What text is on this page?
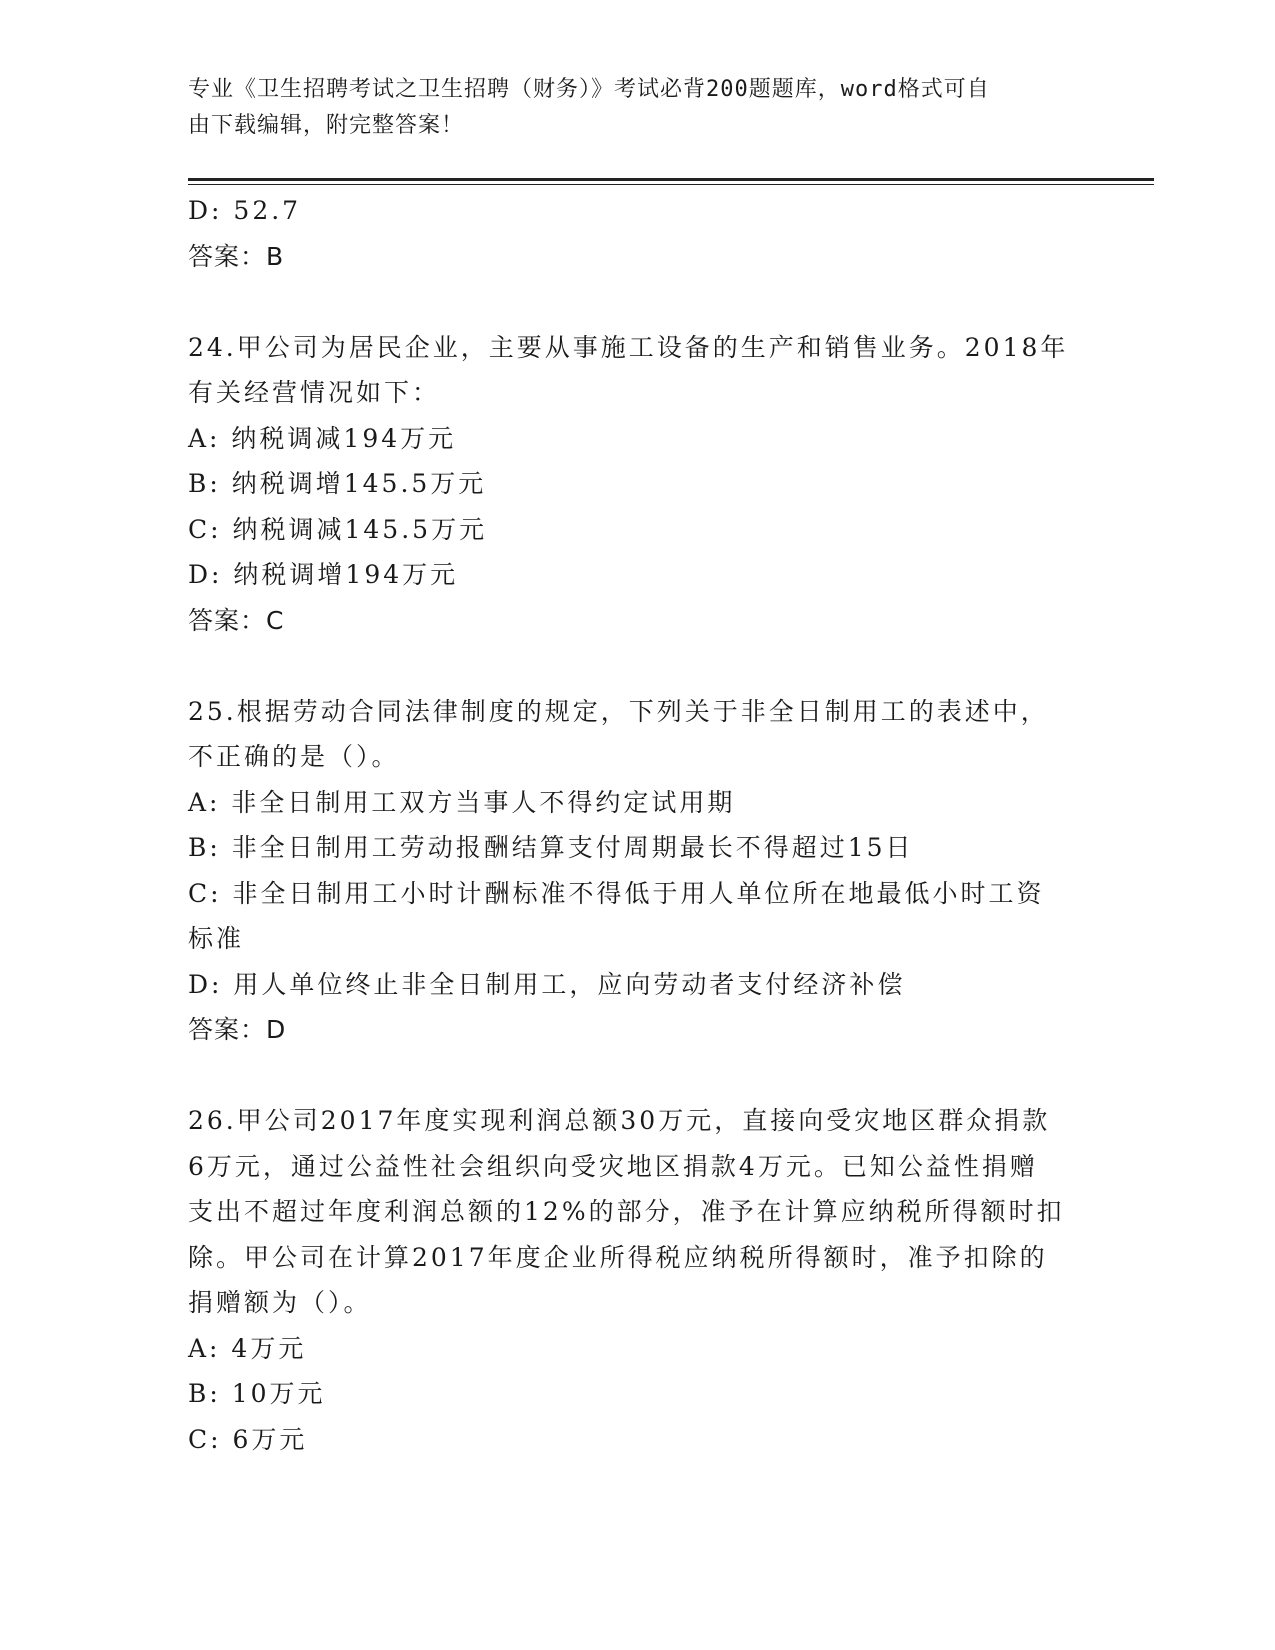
专业《卫生招聘考试之卫生招聘（财务）》考试必背200题题库，word格式可自
由下载编辑，附完整答案！
D: 52.7
答案：B
24.甲公司为居民企业，主要从事施工设备的生产和销售业务。2018年
有关经营情况如下：
A: 纳税调减194万元
B: 纳税调增145.5万元
C: 纳税调减145.5万元
D: 纳税调增194万元
答案：C
25.根据劳动合同法律制度的规定，下列关于非全日制用工的表述中，
不正确的是（）。
A: 非全日制用工双方当事人不得约定试用期
B: 非全日制用工劳动报酬结算支付周期最长不得超过15日
C: 非全日制用工小时计酬标准不得低于用人单位所在地最低小时工资
标准
D: 用人单位终止非全日制用工，应向劳动者支付经济补偿
答案：D
26.甲公司2017年度实现利润总额30万元，直接向受灾地区群众捐款
6万元，通过公益性社会组织向受灾地区捐款4万元。已知公益性捐赠
支出不超过年度利润总额的12%的部分，准予在计算应纳税所得额时扣
除。甲公司在计算2017年度企业所得税应纳税所得额时，准予扣除的
捐赠额为（）。
A: 4万元
B: 10万元
C: 6万元
